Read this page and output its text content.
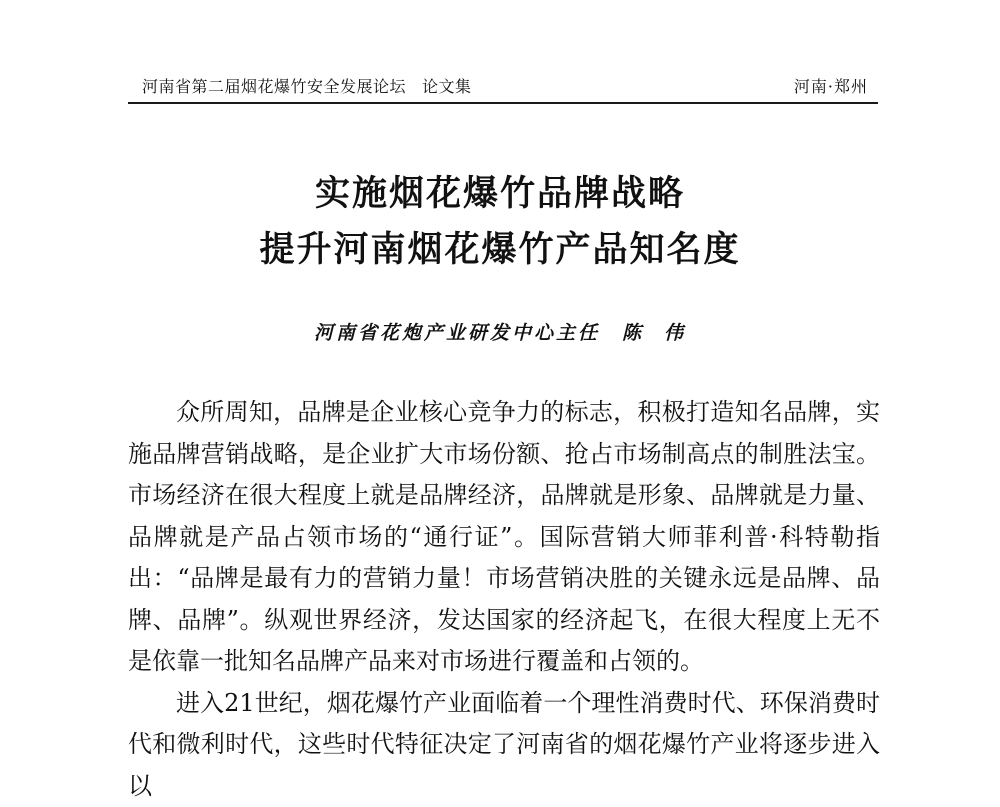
河南省第二届烟花爆竹安全发展论坛 论文集	河南·郑州
实施烟花爆竹品牌战略
提升河南烟花爆竹产品知名度
河南省花炮产业研发中心主任 陈 伟

众所周知，品牌是企业核心竞争力的标志，积极打造知名品牌，实施品牌营销战略，是企业扩大市场份额、抢占市场制高点的制胜法宝。市场经济在很大程度上就是品牌经济，品牌就是形象、品牌就是力量、品牌就是产品占领市场的“通行证”。国际营销大师菲利普·科特勒指出：“品牌是最有力的营销力量！市场营销决胜的关键永远是品牌、品牌、品牌”。纵观世界经济，发达国家的经济起飞，在很大程度上无不是依靠一批知名品牌产品来对市场进行覆盖和占领的。

进入21世纪，烟花爆竹产业面临着一个理性消费时代、环保消费时代和微利时代，这些时代特征决定了河南省的烟花爆竹产业将逐步进入以
